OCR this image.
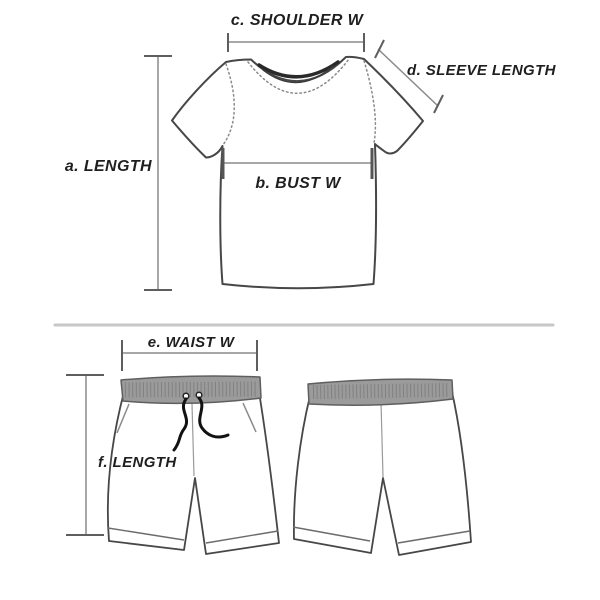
c. SHOULDER W
a. LENGTH
b. BUST W
d. SLEEVE LENGTH
e. WAIST W
f. LENGTH
